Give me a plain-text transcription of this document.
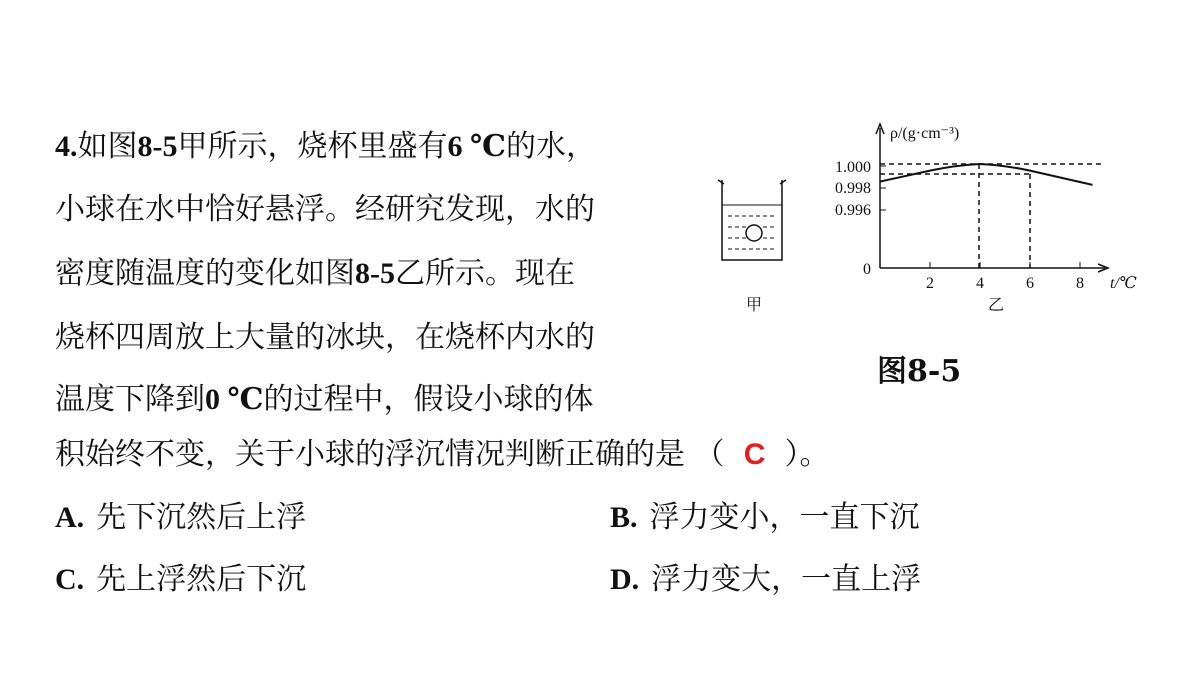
4.如图8-5甲所示，烧杯里盛有6 ℃的水，
小球在水中恰好悬浮。经研究发现，水的
密度随温度的变化如图8-5乙所示。现在
烧杯四周放上大量的冰块，在烧杯内水的
温度下降到0 ℃的过程中，假设小球的体
积始终不变，关于小球的浮沉情况判断正确的是 （ C ）。
A. 先下沉然后上浮	B. 浮力变小，一直下沉
C. 先上浮然后下沉	D. 浮力变大，一直上浮
甲
ρ/(g·cm⁻³)
t/℃
0
1.000
0.998
0.996
2	4	6	8
乙
图8-5
